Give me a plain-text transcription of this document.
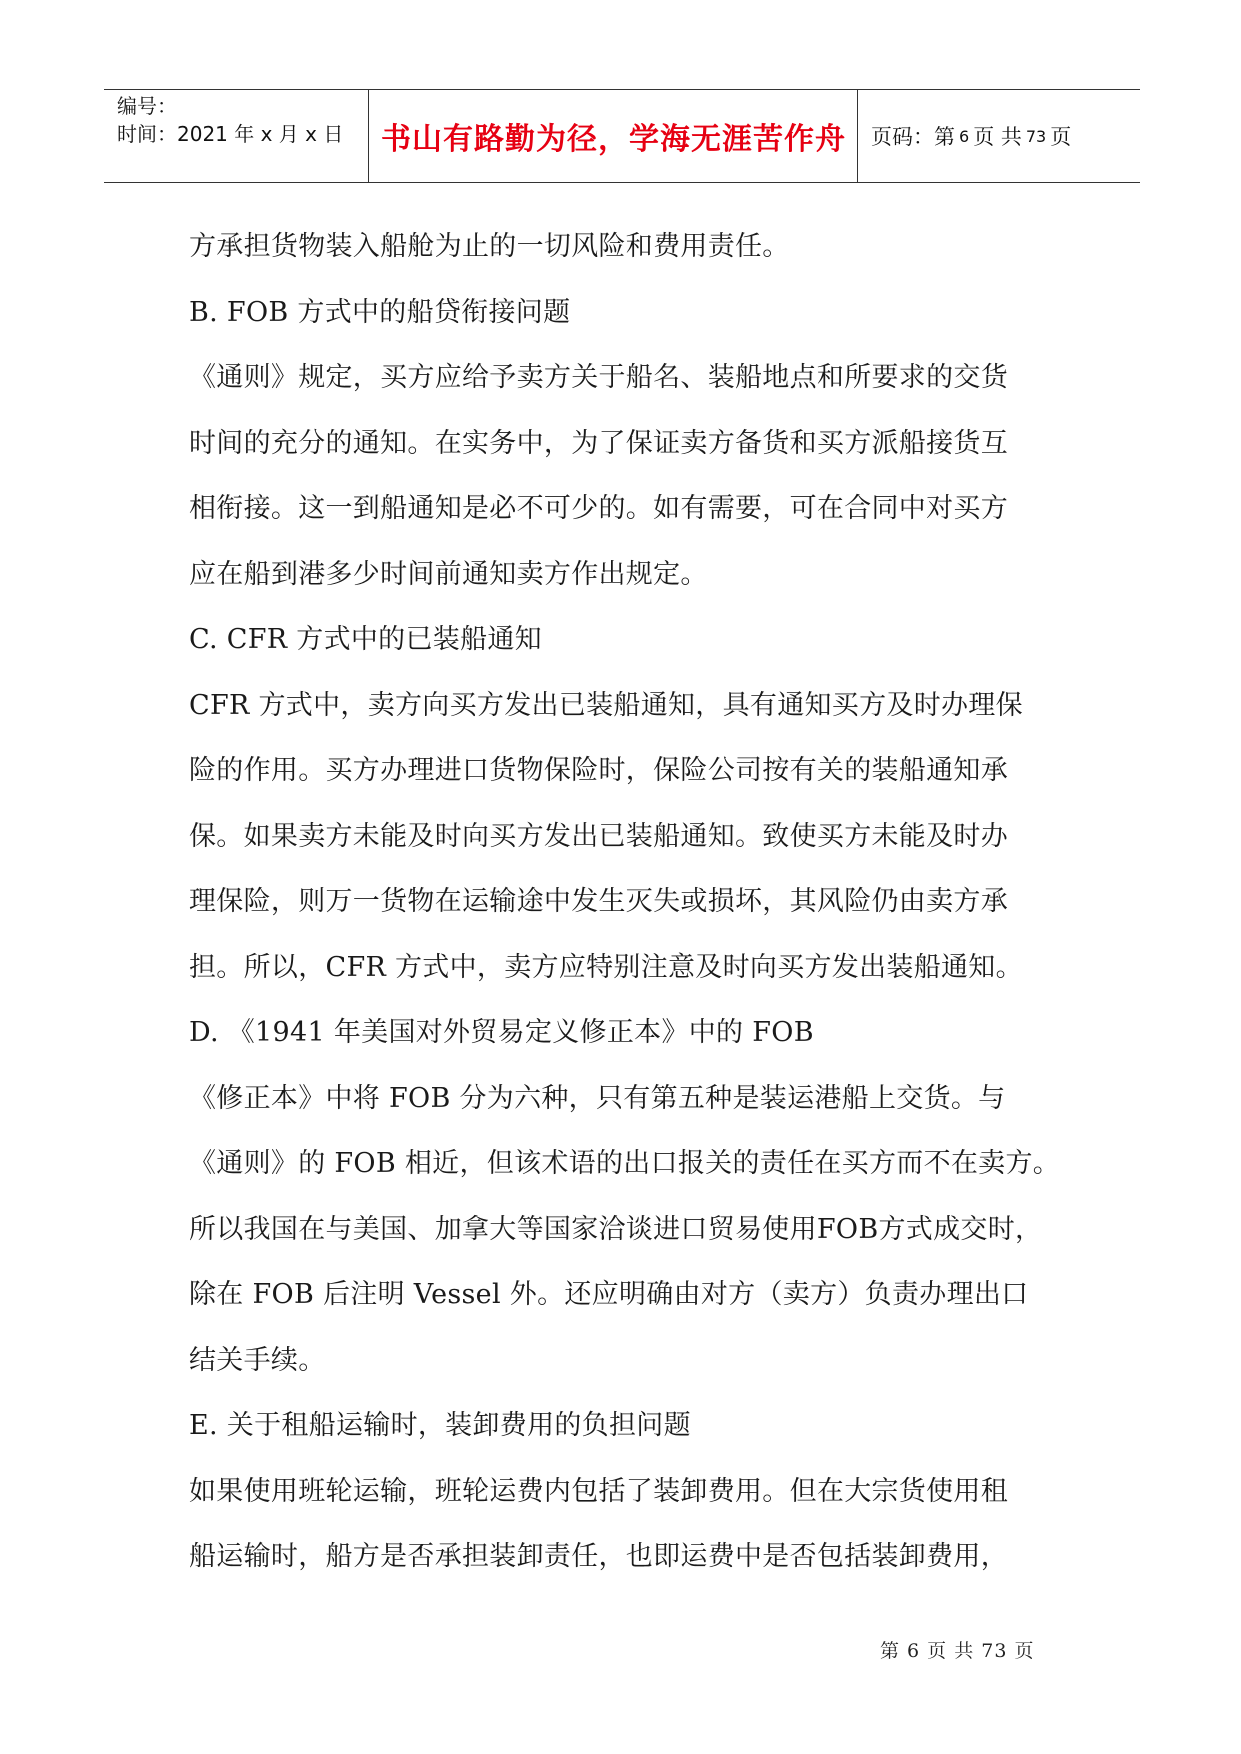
编号：
时间：2021 年 x 月 x 日	书山有路勤为径，学海无涯苦作舟	页码：第 6 页 共 73 页

方承担货物装入船舱为止的一切风险和费用责任。

B. FOB 方式中的船贷衔接问题

《通则》规定，买方应给予卖方关于船名、装船地点和所要求的交货

时间的充分的通知。在实务中，为了保证卖方备货和买方派船接货互

相衔接。这一到船通知是必不可少的。如有需要，可在合同中对买方

应在船到港多少时间前通知卖方作出规定。

C. CFR 方式中的已装船通知

CFR 方式中，卖方向买方发出已装船通知，具有通知买方及时办理保

险的作用。买方办理进口货物保险时，保险公司按有关的装船通知承

保。如果卖方未能及时向买方发出已装船通知。致使买方未能及时办

理保险，则万一货物在运输途中发生灭失或损坏，其风险仍由卖方承

担。所以，CFR 方式中，卖方应特别注意及时向买方发出装船通知。

D. 《1941 年美国对外贸易定义修正本》中的 FOB

《修正本》中将 FOB 分为六种，只有第五种是装运港船上交货。与

《通则》的 FOB 相近，但该术语的出口报关的责任在买方而不在卖方。

所以我国在与美国、加拿大等国家洽谈进口贸易使用FOB方式成交时，

除在 FOB 后注明 Vessel 外。还应明确由对方（卖方）负责办理出口

结关手续。

E. 关于租船运输时，装卸费用的负担问题

如果使用班轮运输，班轮运费内包括了装卸费用。但在大宗货使用租

船运输时，船方是否承担装卸责任，也即运费中是否包括装卸费用，

第 6 页 共 73 页
